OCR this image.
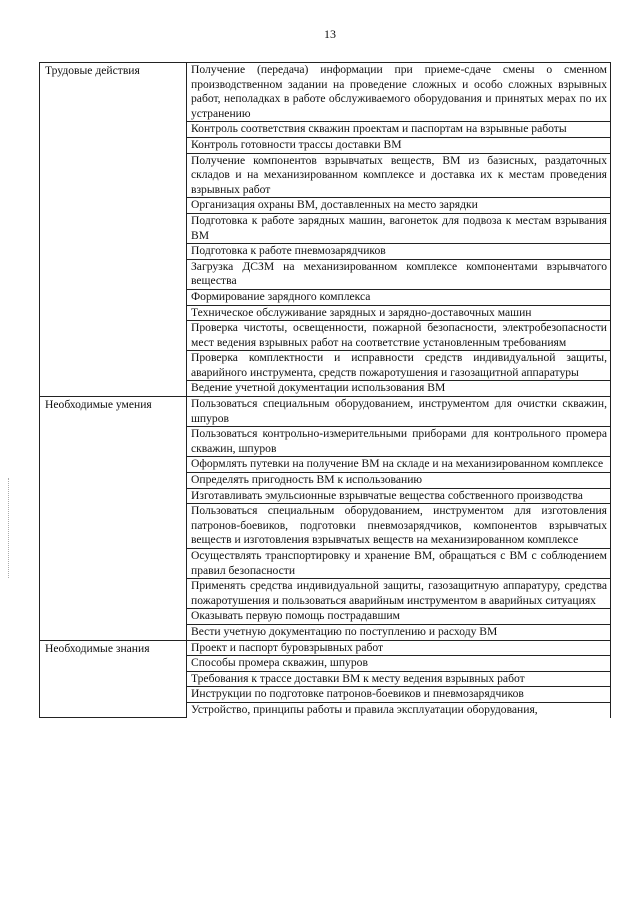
13
Трудовые действия	Получение (передача) информации при приеме-сдаче смены о сменном производственном задании на проведение сложных и особо сложных взрывных работ, неполадках в работе обслуживаемого оборудования и принятых мерах по их устранению
	Контроль соответствия скважин проектам и паспортам на взрывные работы
	Контроль готовности трассы доставки ВМ
	Получение компонентов взрывчатых веществ, ВМ из базисных, раздаточных складов и на механизированном комплексе и доставка их к местам проведения взрывных работ
	Организация охраны ВМ, доставленных на место зарядки
	Подготовка к работе зарядных машин, вагонеток для подвоза к местам взрывания ВМ
	Подготовка к работе пневмозарядчиков
	Загрузка ДСЗМ на механизированном комплексе компонентами взрывчатого вещества
	Формирование зарядного комплекса
	Техническое обслуживание зарядных и зарядно-доставочных машин
	Проверка чистоты, освещенности, пожарной безопасности, электробезопасности мест ведения взрывных работ на соответствие установленным требованиям
	Проверка комплектности и исправности средств индивидуальной защиты, аварийного инструмента, средств пожаротушения и газозащитной аппаратуры
	Ведение учетной документации использования ВМ
Необходимые умения	Пользоваться специальным оборудованием, инструментом для очистки скважин, шпуров
	Пользоваться контрольно-измерительными приборами для контрольного промера скважин, шпуров
	Оформлять путевки на получение ВМ на складе и на механизированном комплексе
	Определять пригодность ВМ к использованию
	Изготавливать эмульсионные взрывчатые вещества собственного производства
	Пользоваться специальным оборудованием, инструментом для изготовления патронов-боевиков, подготовки пневмозарядчиков, компонентов взрывчатых веществ и изготовления взрывчатых веществ на механизированном комплексе
	Осуществлять транспортировку и хранение ВМ, обращаться с ВМ с соблюдением правил безопасности
	Применять средства индивидуальной защиты, газозащитную аппаратуру, средства пожаротушения и пользоваться аварийным инструментом в аварийных ситуациях
	Оказывать первую помощь пострадавшим
	Вести учетную документацию по поступлению и расходу ВМ
Необходимые знания	Проект и паспорт буровзрывных работ
	Способы промера скважин, шпуров
	Требования к трассе доставки ВМ к месту ведения взрывных работ
	Инструкции по подготовке патронов-боевиков и пневмозарядчиков
	Устройство, принципы работы и правила эксплуатации оборудования,
